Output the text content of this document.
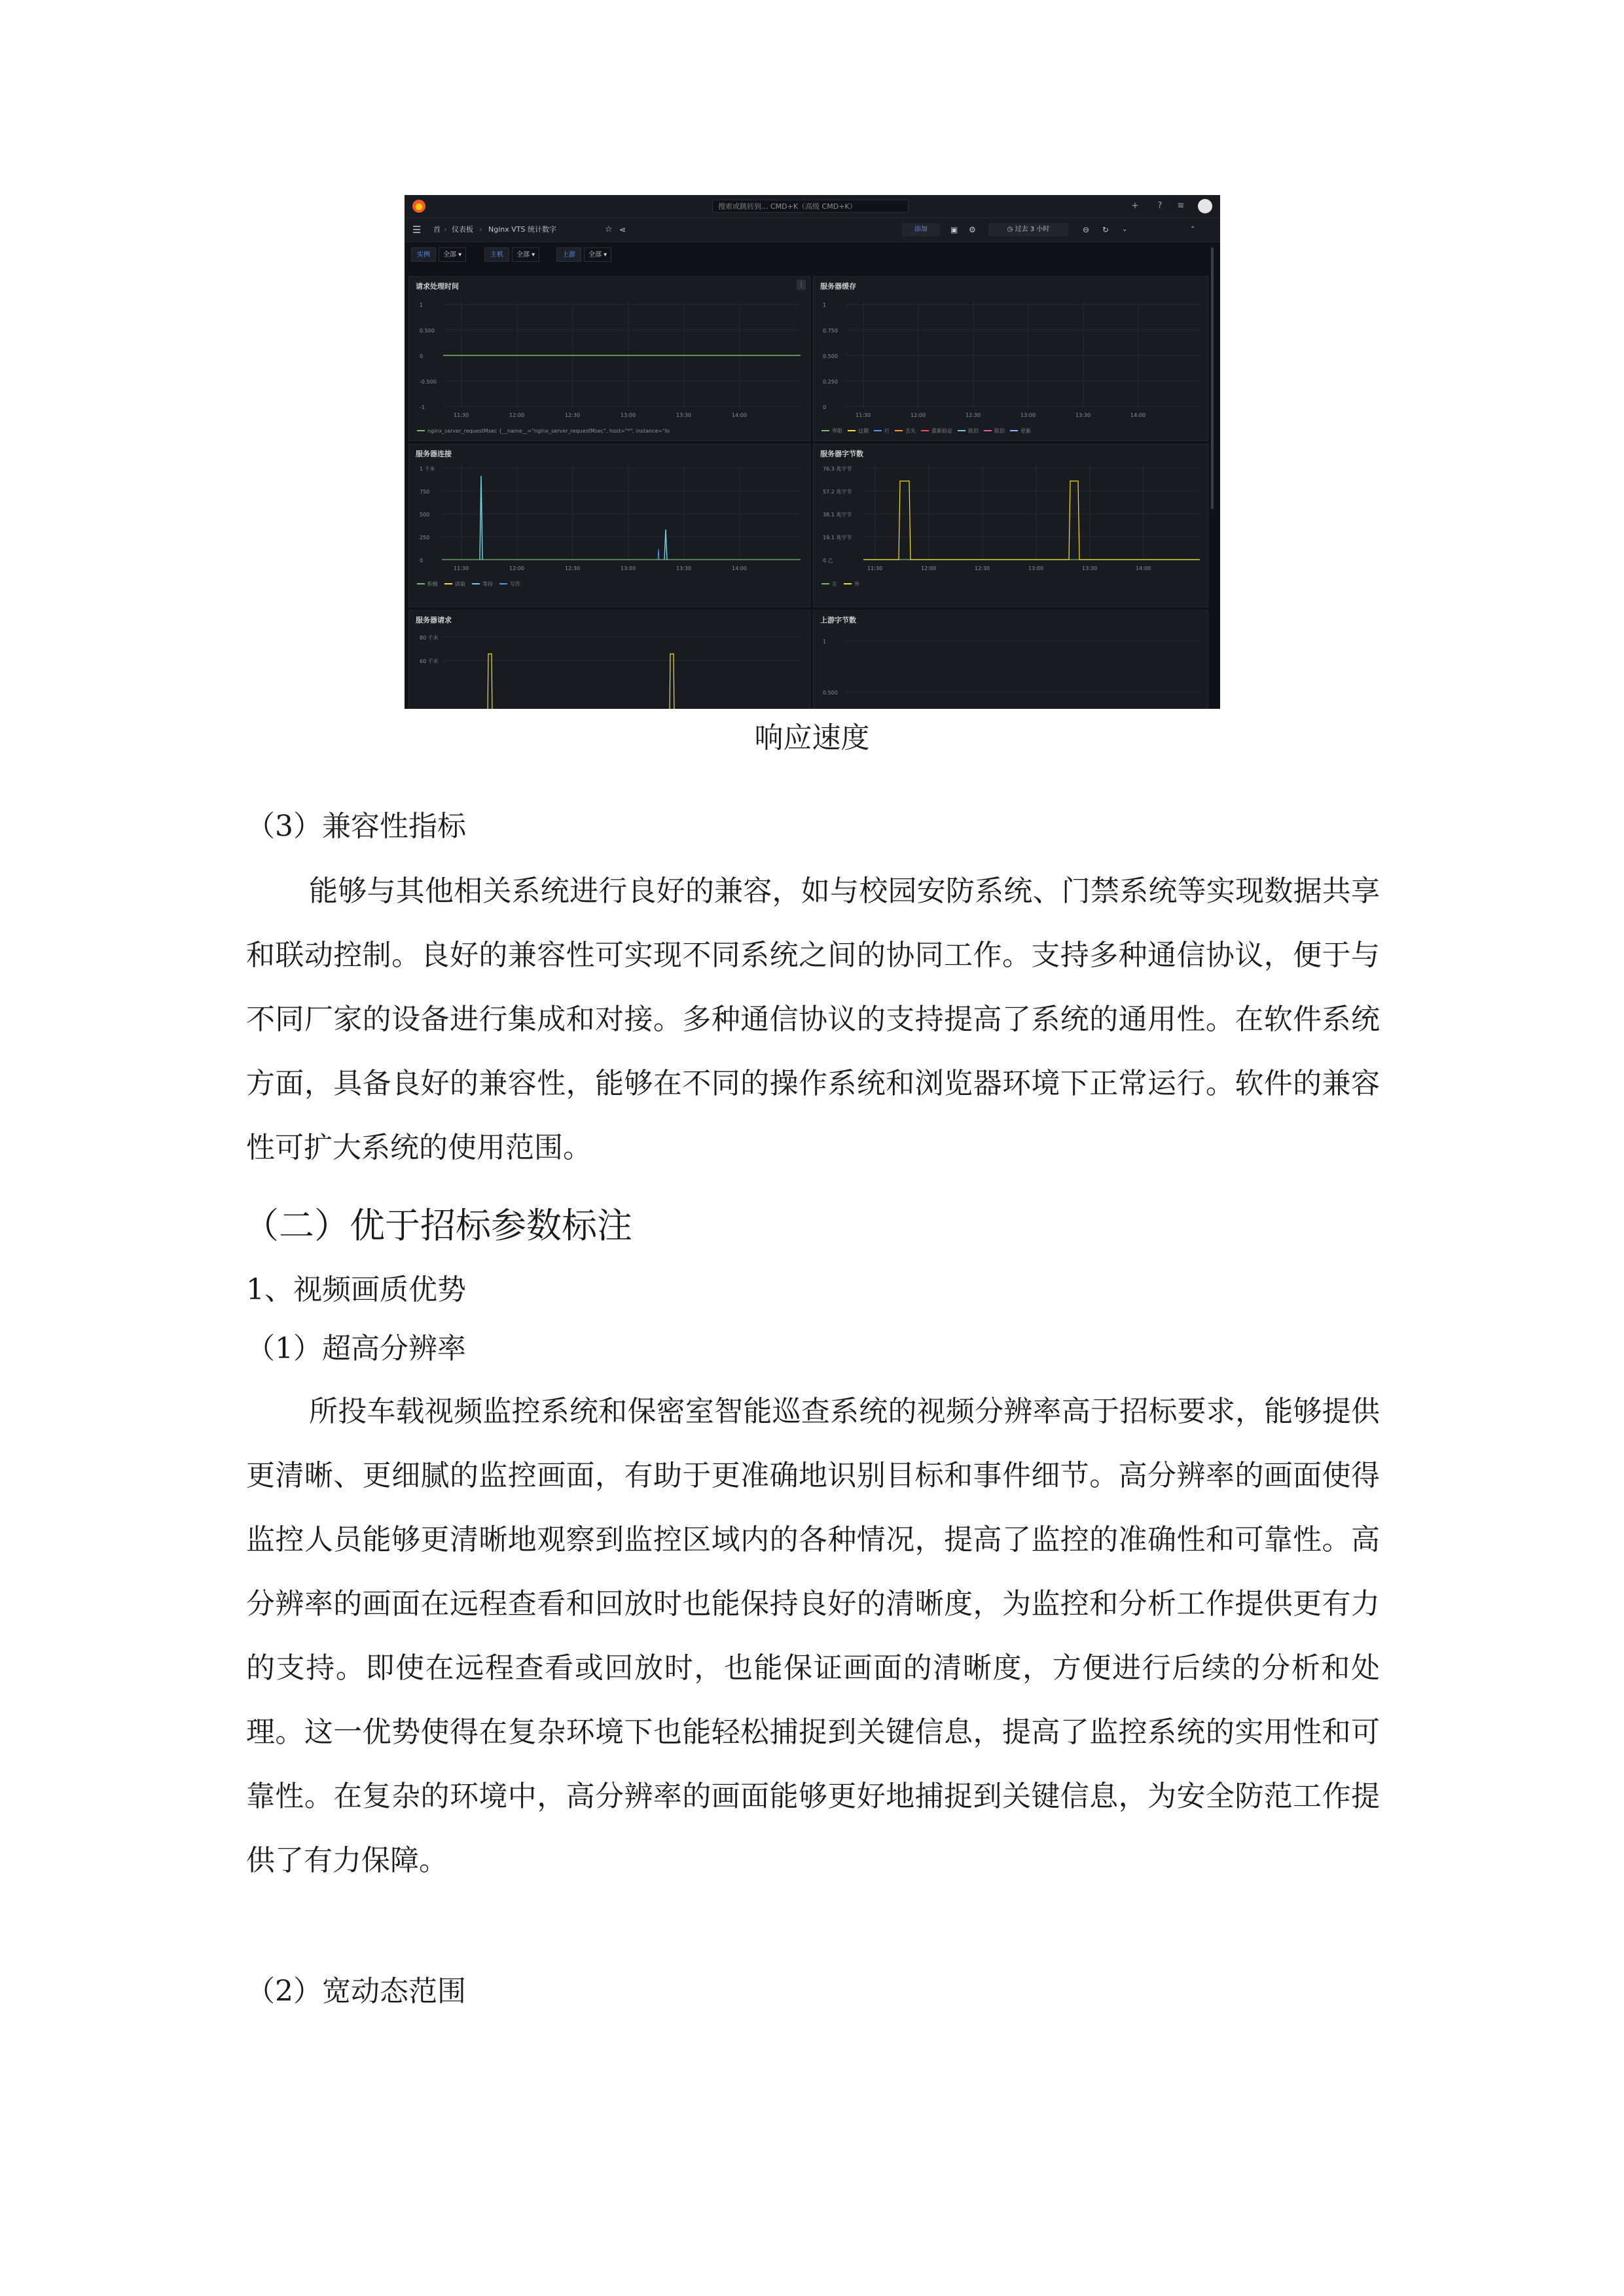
搜索或跳转到... CMD+K（高级 CMD+K）	+	?	≋
☰ 首 › 仪表板 › Nginx VTS 统计数字	☆ ⋖	添加	▣ ⚙	◷ 过去 3 小时	⊖ ↻ ⌄	⌃
实例	全部 ▾	主机	全部 ▾	上游	全部 ▾
请求处理时间	⋮
1
0.500
0
-0.500
-1
11:30	12:00	12:30	13:00	13:30	14:00
nginx_server_requestMsec {__name__="nginx_server_requestMsec", host="*", instance="lo
服务器缓存
1
0.750
0.500
0.250
0
11:30	12:00	12:30	13:00	13:30	14:00
界限	过期	打	丢失	重新验证	陈旧	陈旧	更新
服务器连接
1 千米
750
500
250
0
11:30	12:00	12:30	13:00	13:30	14:00
积极	读取	等待	写作
服务器字节数
76.3 兆字节
57.2 兆字节
38.1 兆字节
19.1 兆字节
0 乙
11:30	12:00	12:30	13:00	13:30	14:00
在	外
服务器请求
80 千米
60 千米
上游字节数
1
0.500
响应速度
（3）兼容性指标

能够与其他相关系统进行良好的兼容，如与校园安防系统、门禁系统等实现数据共享和联动控制。良好的兼容性可实现不同系统之间的协同工作。支持多种通信协议，便于与不同厂家的设备进行集成和对接。多种通信协议的支持提高了系统的通用性。在软件系统方面，具备良好的兼容性，能够在不同的操作系统和浏览器环境下正常运行。软件的兼容性可扩大系统的使用范围。

（二）优于招标参数标注
1、视频画质优势
（1）超高分辨率

所投车载视频监控系统和保密室智能巡查系统的视频分辨率高于招标要求，能够提供更清晰、更细腻的监控画面，有助于更准确地识别目标和事件细节。高分辨率的画面使得监控人员能够更清晰地观察到监控区域内的各种情况，提高了监控的准确性和可靠性。高分辨率的画面在远程查看和回放时也能保持良好的清晰度，为监控和分析工作提供更有力的支持。即使在远程查看或回放时，也能保证画面的清晰度，方便进行后续的分析和处理。这一优势使得在复杂环境下也能轻松捕捉到关键信息，提高了监控系统的实用性和可靠性。在复杂的环境中，高分辨率的画面能够更好地捕捉到关键信息，为安全防范工作提供了有力保障。

（2）宽动态范围
